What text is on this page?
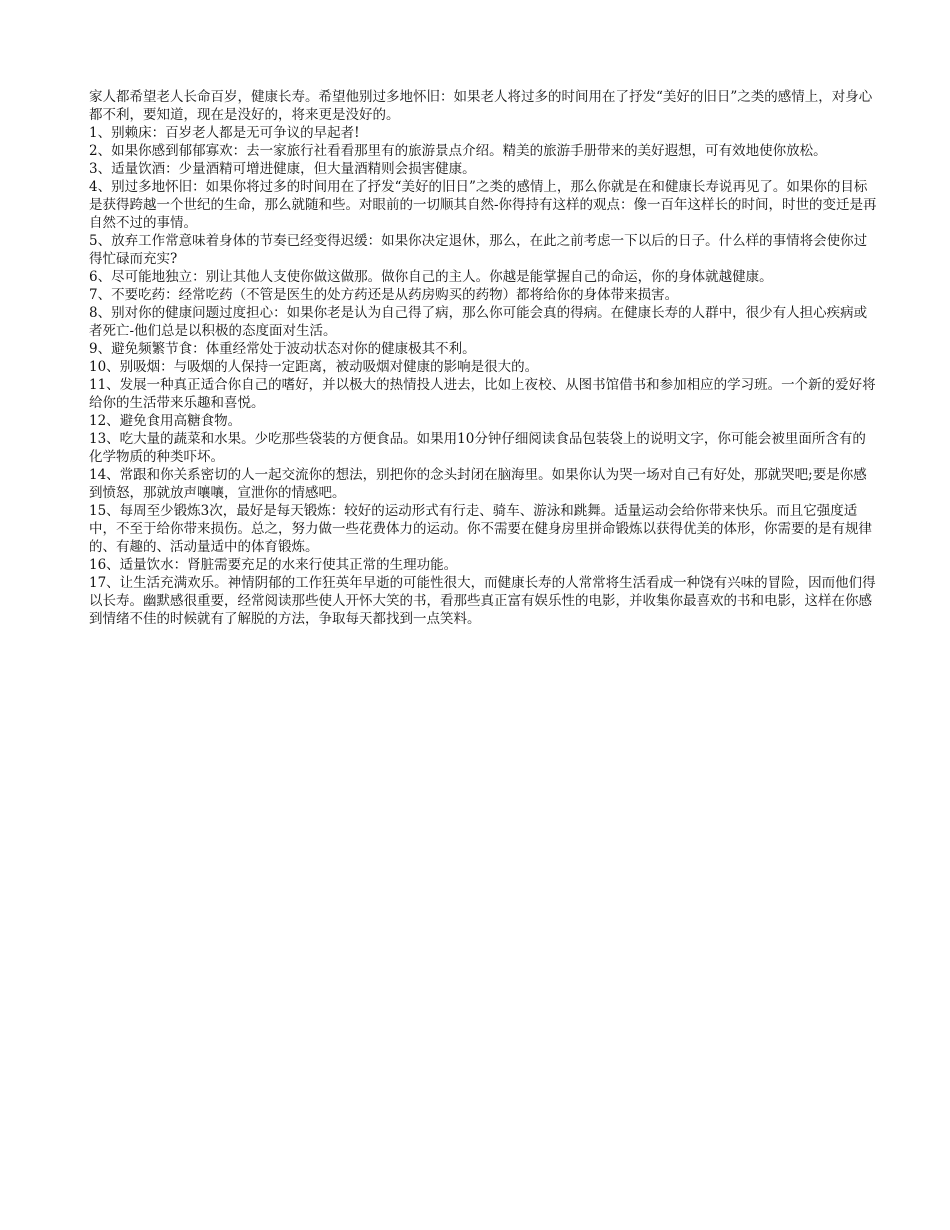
家人都希望老人长命百岁，健康长寿。希望他别过多地怀旧：如果老人将过多的时间用在了抒发“美好的旧日”之类的感情上，对身心都不利，要知道，现在是没好的，将来更是没好的。

1、别赖床：百岁老人都是无可争议的早起者!

2、如果你感到郁郁寡欢：去一家旅行社看看那里有的旅游景点介绍。精美的旅游手册带来的美好遐想，可有效地使你放松。

3、适量饮酒：少量酒精可增进健康，但大量酒精则会损害健康。

4、别过多地怀旧：如果你将过多的时间用在了抒发“美好的旧日”之类的感情上，那么你就是在和健康长寿说再见了。如果你的目标是获得跨越一个世纪的生命，那么就随和些。对眼前的一切顺其自然-你得持有这样的观点：像一百年这样长的时间，时世的变迁是再自然不过的事情。

5、放弃工作常意味着身体的节奏已经变得迟缓：如果你决定退休，那么，在此之前考虑一下以后的日子。什么样的事情将会使你过得忙碌而充实?

6、尽可能地独立：别让其他人支使你做这做那。做你自己的主人。你越是能掌握自己的命运，你的身体就越健康。

7、不要吃药：经常吃药（不管是医生的处方药还是从药房购买的药物）都将给你的身体带来损害。

8、别对你的健康问题过度担心：如果你老是认为自己得了病，那么你可能会真的得病。在健康长寿的人群中，很少有人担心疾病或者死亡-他们总是以积极的态度面对生活。

9、避免频繁节食：体重经常处于波动状态对你的健康极其不利。

10、别吸烟：与吸烟的人保持一定距离，被动吸烟对健康的影响是很大的。

11、发展一种真正适合你自己的嗜好，并以极大的热情投人进去，比如上夜校、从图书馆借书和参加相应的学习班。一个新的爱好将给你的生活带来乐趣和喜悦。

12、避免食用高糖食物。

13、吃大量的蔬菜和水果。少吃那些袋装的方便食品。如果用10分钟仔细阅读食品包装袋上的说明文字，你可能会被里面所含有的化学物质的种类吓坏。

14、常跟和你关系密切的人一起交流你的想法，别把你的念头封闭在脑海里。如果你认为哭一场对自己有好处，那就哭吧;要是你感到愤怒，那就放声嚷嚷，宣泄你的情感吧。

15、每周至少锻炼3次，最好是每天锻炼：较好的运动形式有行走、骑车、游泳和跳舞。适量运动会给你带来快乐。而且它强度适中，不至于给你带来损伤。总之，努力做一些花费体力的运动。你不需要在健身房里拼命锻炼以获得优美的体形，你需要的是有规律的、有趣的、活动量适中的体育锻炼。

16、适量饮水：肾脏需要充足的水来行使其正常的生理功能。

17、让生活充满欢乐。神情阴郁的工作狂英年早逝的可能性很大，而健康长寿的人常常将生活看成一种饶有兴味的冒险，因而他们得以长寿。幽默感很重要，经常阅读那些使人开怀大笑的书，看那些真正富有娱乐性的电影，并收集你最喜欢的书和电影，这样在你感到情绪不佳的时候就有了解脱的方法，争取每天都找到一点笑料。
